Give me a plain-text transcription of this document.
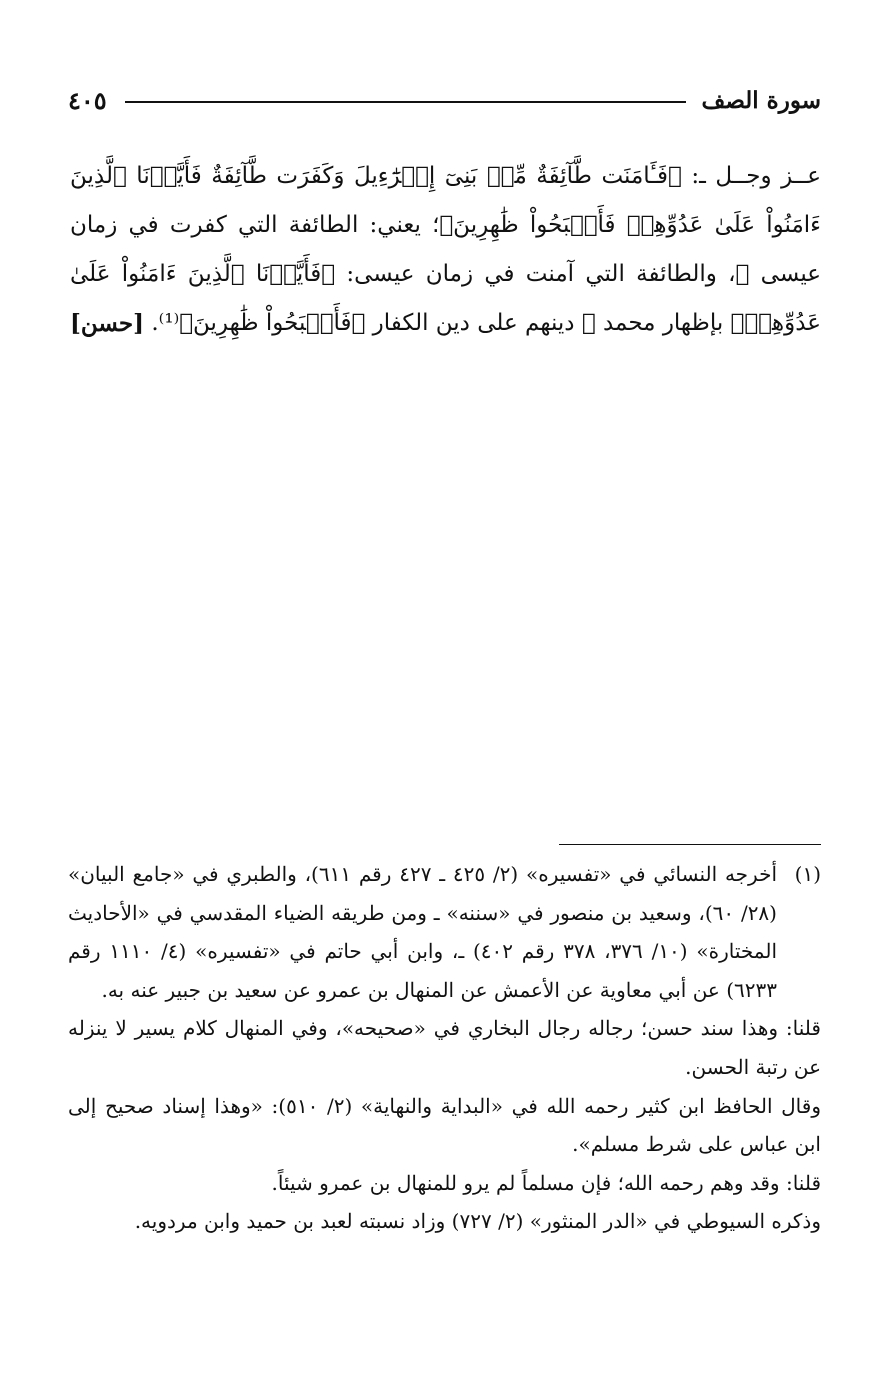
سورة الصف
٤٠٥

عــز وجــل ـ: ﴿فَـَٔامَنَت طَّآئِفَةٌ مِّنۢ بَنِىٓ إِسۡرَٰٓءِيلَ وَكَفَرَت طَّآئِفَةٌ فَأَيَّدۡنَا ٱلَّذِينَ ءَامَنُواْ عَلَىٰ عَدُوِّهِمۡ فَأَصۡبَحُواْ ظَٰهِرِينَ﴾؛ يعني: الطائفة التي كفرت في زمان عيسى ﷺ، والطائفة التي آمنت في زمان عيسى: ﴿فَأَيَّدۡنَا ٱلَّذِينَ ءَامَنُواْ عَلَىٰ عَدُوِّهِمۡ﴾ بإظهار محمد ﷺ دينهم على دين الكفار ﴿فَأَصۡبَحُواْ ظَٰهِرِينَ﴾⁽¹⁾.
[حسن]

(١)

أخرجه النسائي في «تفسيره» (٢/ ٤٢٥ ـ ٤٢٧ رقم ٦١١)، والطبري في «جامع البيان» (٢٨/ ٦٠)، وسعيد بن منصور في «سننه» ـ ومن طريقه الضياء المقدسي في «الأحاديث المختارة» (١٠/ ٣٧٦، ٣٧٨ رقم ٤٠٢) ـ، وابن أبي حاتم في «تفسيره» (٤/ ١١١٠ رقم ٦٢٣٣) عن أبي معاوية عن الأعمش عن المنهال بن عمرو عن سعيد بن جبير عنه به.

قلنا: وهذا سند حسن؛ رجاله رجال البخاري في «صحيحه»، وفي المنهال كلام يسير لا ينزله عن رتبة الحسن.

وقال الحافظ ابن كثير رحمه الله في «البداية والنهاية» (٢/ ٥١٠): «وهذا إسناد صحيح إلى ابن عباس على شرط مسلم».

قلنا: وقد وهم رحمه الله؛ فإن مسلماً لم يرو للمنهال بن عمرو شيئاً.

وذكره السيوطي في «الدر المنثور» (٢/ ٧٢٧) وزاد نسبته لعبد بن حميد وابن مردويه.
